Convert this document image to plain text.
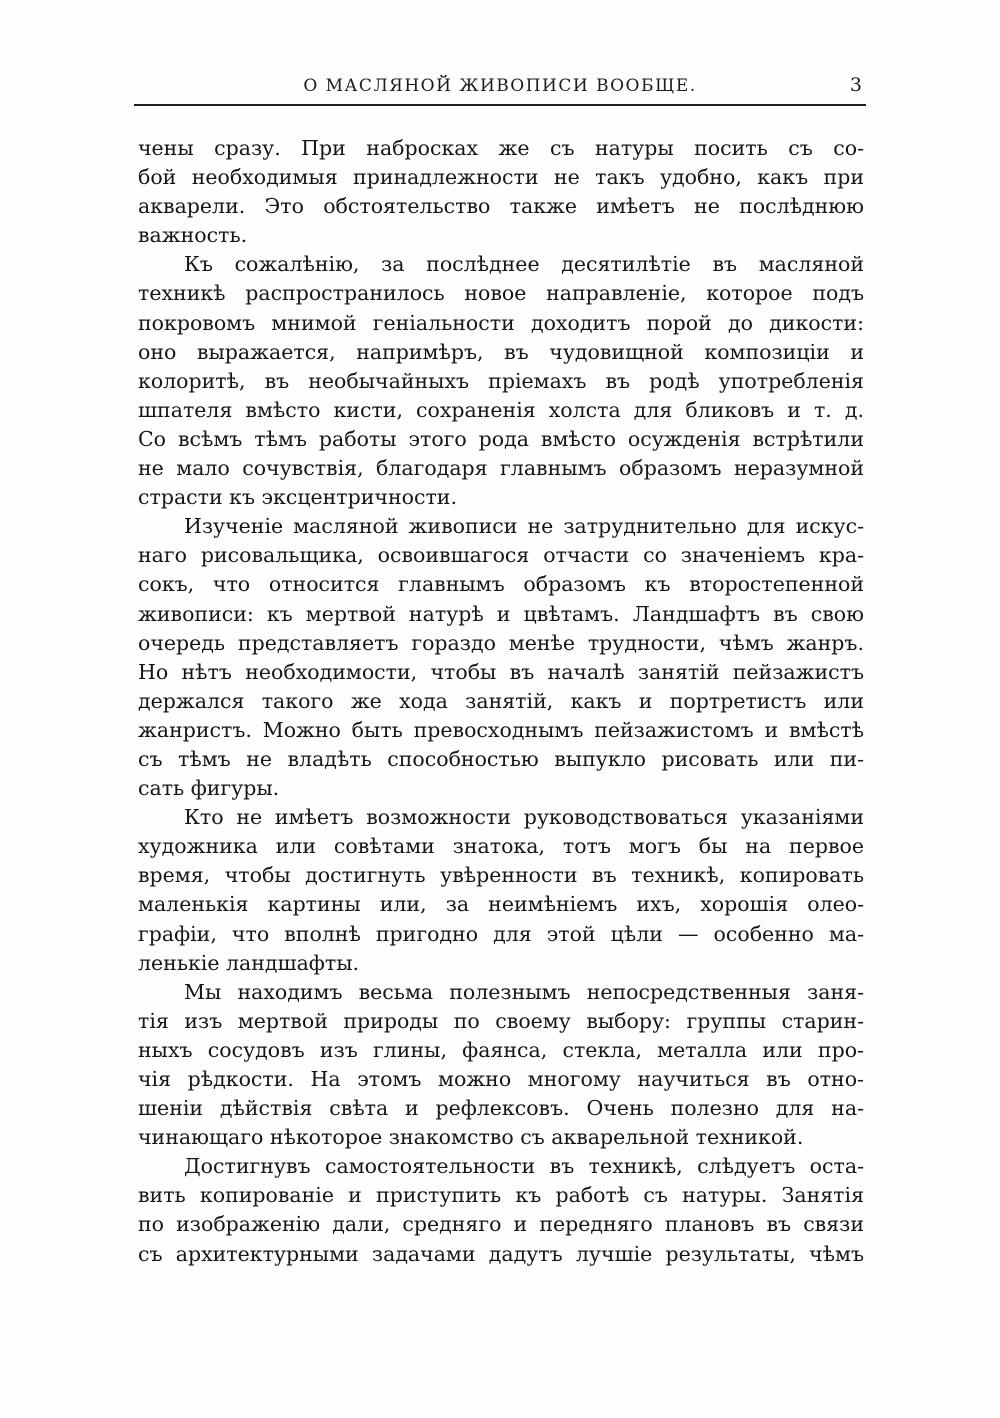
О МАСЛЯНОЙ ЖИВОПИСИ ВООБЩЕ.	3
чены сразу. При набросках же съ натуры посить съ со-
бой необходимыя принадлежности не такъ удобно, какъ при
акварели. Это обстоятельство также имѣетъ не послѣднюю
важность.
Къ сожалѣнію, за послѣднее десятилѣтіе въ масляной
техникѣ распространилось новое направленіе, которое подъ
покровомъ мнимой геніальности доходитъ порой до дикости:
оно выражается, напримѣръ, въ чудовищной композиціи и
колоритѣ, въ необычайныхъ пріемахъ въ родѣ употребленія
шпателя вмѣсто кисти, сохраненія холста для бликовъ и т. д.
Со всѣмъ тѣмъ работы этого рода вмѣсто осужденія встрѣтили
не мало сочувствія, благодаря главнымъ образомъ неразумной
страсти къ эксцентричности.
Изученіе масляной живописи не затруднительно для искус-
наго рисовальщика, освоившагося отчасти со значеніемъ кра-
сокъ, что относится главнымъ образомъ къ второстепенной
живописи: къ мертвой натурѣ и цвѣтамъ. Ландшафтъ въ свою
очередь представляетъ гораздо менѣе трудности, чѣмъ жанръ.
Но нѣтъ необходимости, чтобы въ началѣ занятій пейзажистъ
держался такого же хода занятій, какъ и портретистъ или
жанристъ. Можно быть превосходнымъ пейзажистомъ и вмѣстѣ
съ тѣмъ не владѣть способностью выпукло рисовать или пи-
сать фигуры.
Кто не имѣетъ возможности руководствоваться указаніями
художника или совѣтами знатока, тотъ могъ бы на первое
время, чтобы достигнуть увѣренности въ техникѣ, копировать
маленькія картины или, за неимѣніемъ ихъ, хорошія олео-
графіи, что вполнѣ пригодно для этой цѣли — особенно ма-
ленькіе ландшафты.
Мы находимъ весьма полезнымъ непосредственныя заня-
тія изъ мертвой природы по своему выбору: группы старин-
ныхъ сосудовъ изъ глины, фаянса, стекла, металла или про-
чія рѣдкости. На этомъ можно многому научиться въ отно-
шеніи дѣйствія свѣта и рефлексовъ. Очень полезно для на-
чинающаго нѣкоторое знакомство съ акварельной техникой.
Достигнувъ самостоятельности въ техникѣ, слѣдуетъ оста-
вить копированіе и приступить къ работѣ съ натуры. Занятія
по изображенію дали, средняго и передняго плановъ въ связи
съ архитектурными задачами дадутъ лучшіе результаты, чѣмъ
